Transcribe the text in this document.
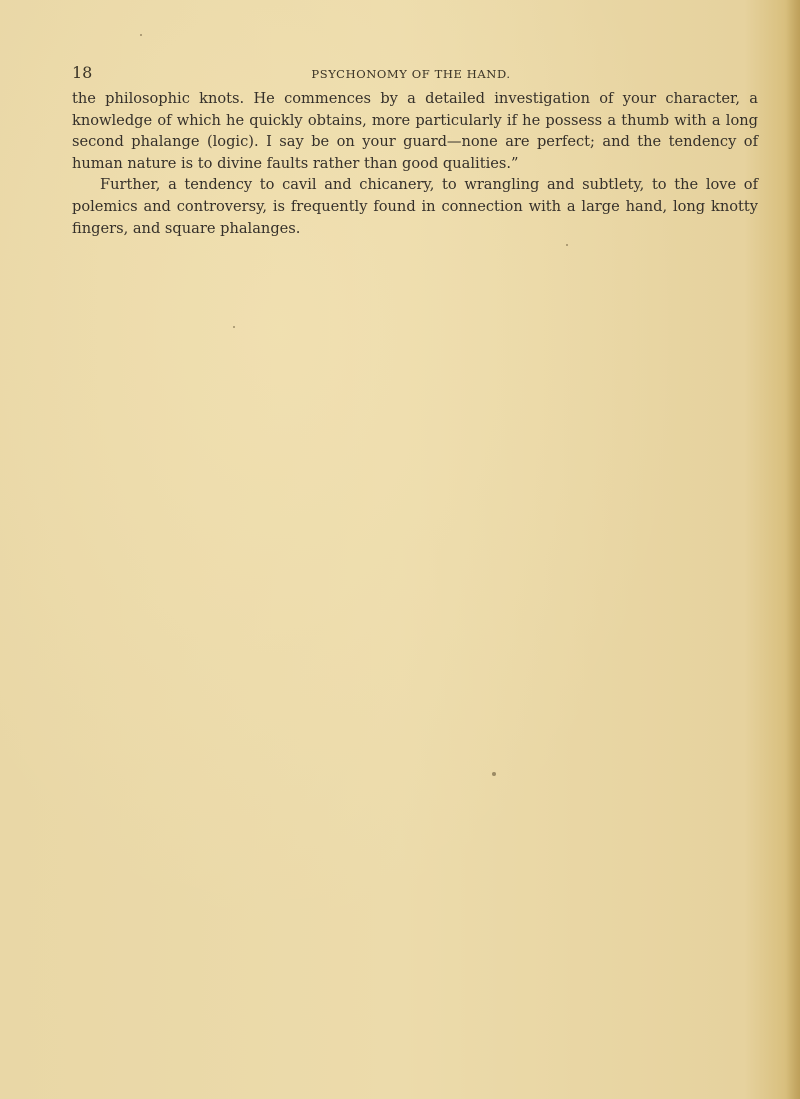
18	PSYCHONOMY OF THE HAND.

the philosophic knots. He commences by a detailed investigation of your character, a knowledge of which he quickly obtains, more particularly if he possess a thumb with a long second phalange (logic). I say be on your guard—none are perfect; and the tendency of human nature is to divine faults rather than good qualities.”

Further, a tendency to cavil and chicanery, to wrangling and subtlety, to the love of polemics and controversy, is frequently found in connection with a large hand, long knotty fingers, and square phalanges.
